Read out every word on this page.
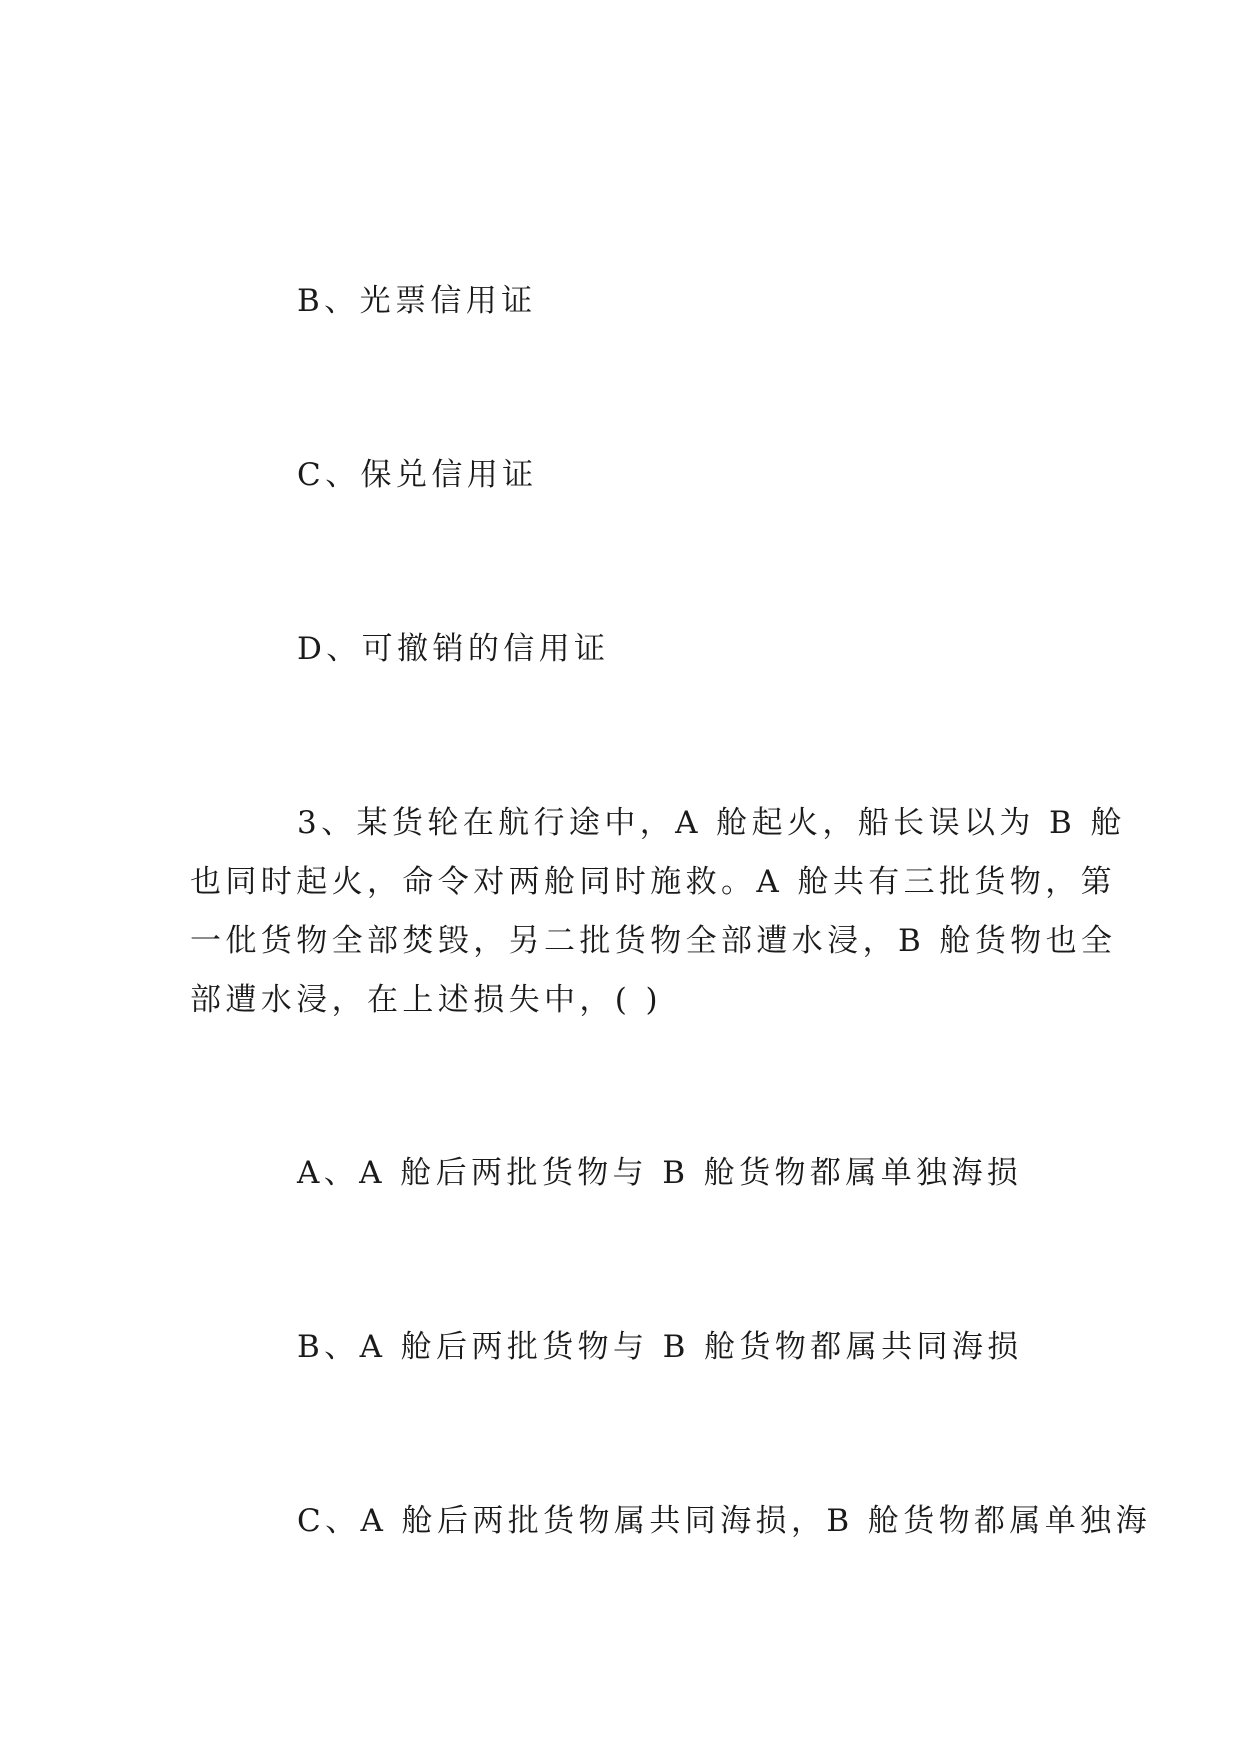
B、光票信用证
C、保兑信用证
D、可撤销的信用证
3、某货轮在航行途中，A 舱起火，船长误以为 B 舱
也同时起火，命令对两舱同时施救。A 舱共有三批货物，第
一仳货物全部焚毁，另二批货物全部遭水浸，B 舱货物也全
部遭水浸，在上述损失中，( )
A、A 舱后两批货物与 B 舱货物都属单独海损
B、A 舱后两批货物与 B 舱货物都属共同海损
C、A 舱后两批货物属共同海损，B 舱货物都属单独海
